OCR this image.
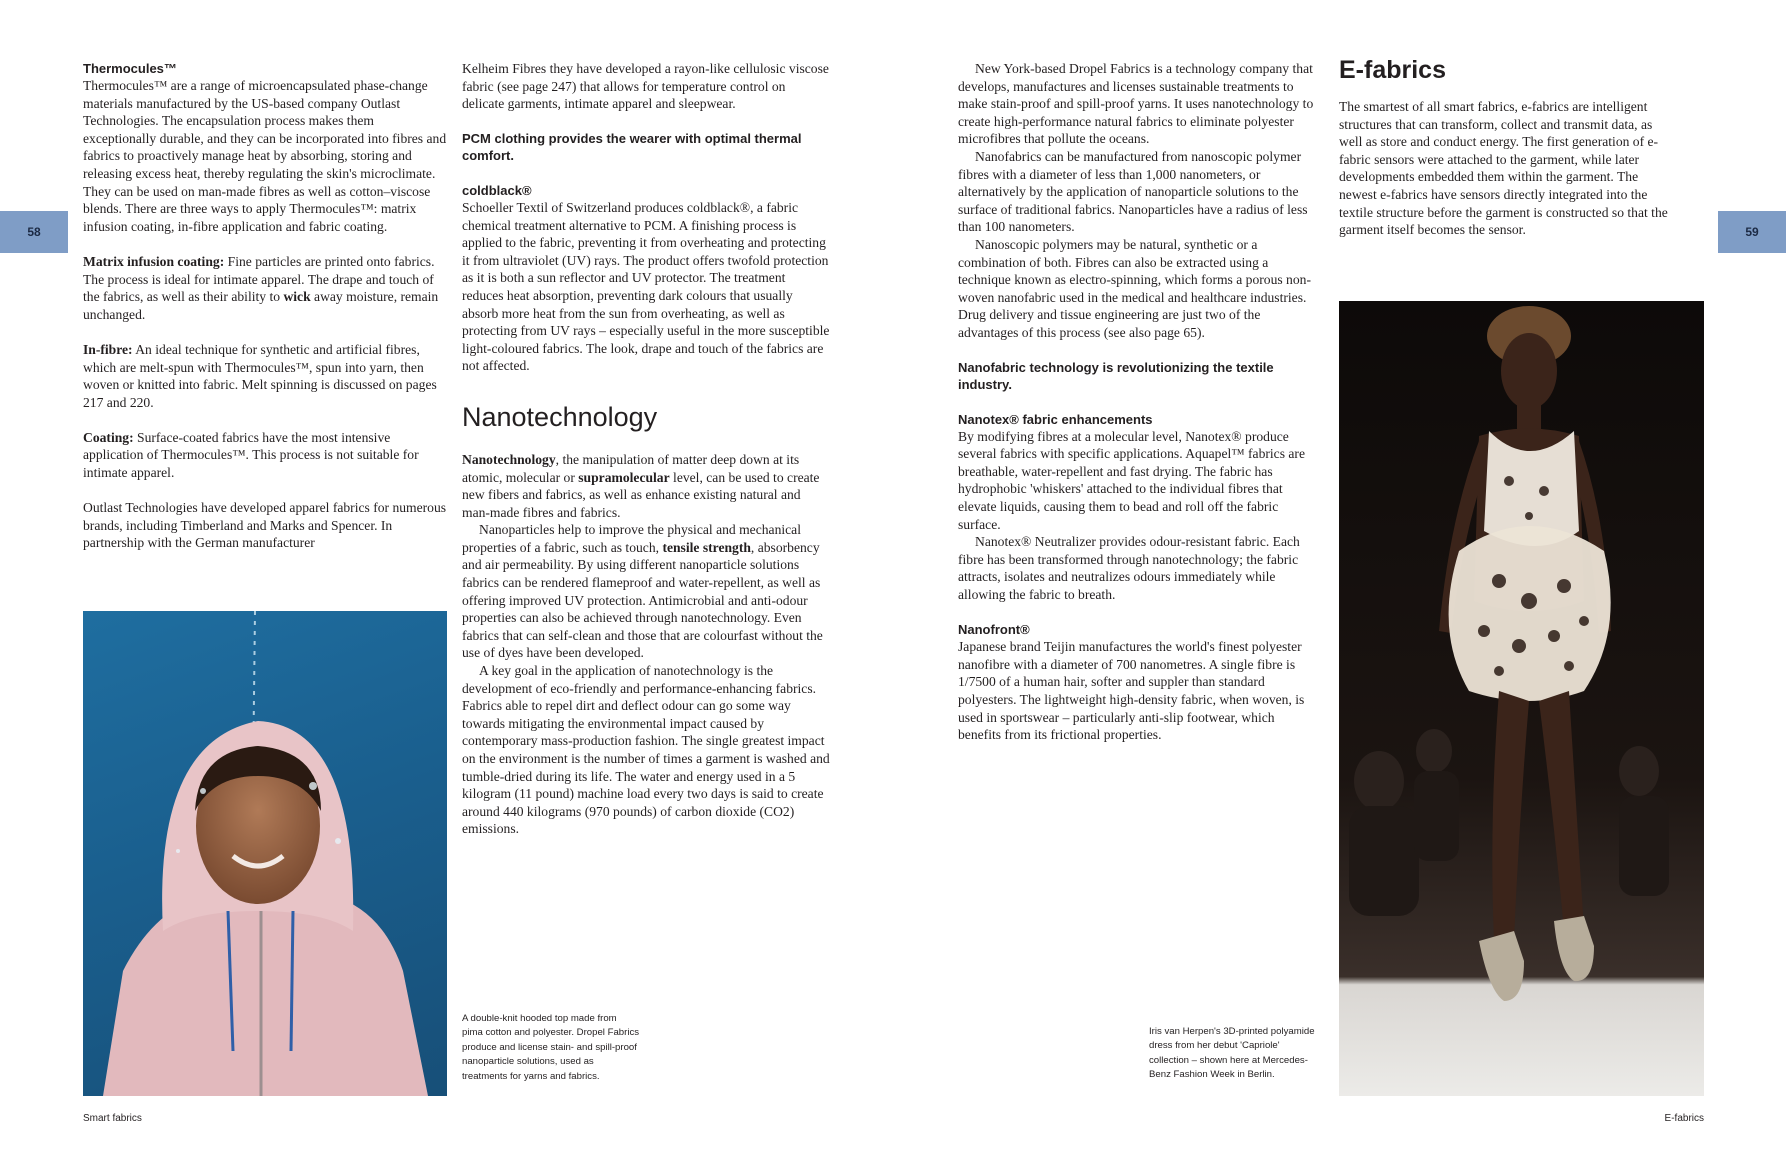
58	59
Thermocules™

Thermocules™ are a range of microencapsulated phase-change materials manufactured by the US-based company Outlast Technologies. The encapsulation process makes them exceptionally durable, and they can be incorporated into fibres and fabrics to proactively manage heat by absorbing, storing and releasing excess heat, thereby regulating the skin's microclimate. They can be used on man-made fibres as well as cotton–viscose blends. There are three ways to apply Thermocules™: matrix infusion coating, in-fibre application and fabric coating.

Matrix infusion coating: Fine particles are printed onto fabrics. The process is ideal for intimate apparel. The drape and touch of the fabrics, as well as their ability to wick away moisture, remain unchanged.

In-fibre: An ideal technique for synthetic and artificial fibres, which are melt-spun with Thermocules™, spun into yarn, then woven or knitted into fabric. Melt spinning is discussed on pages 217 and 220.

Coating: Surface-coated fabrics have the most intensive application of Thermocules™. This process is not suitable for intimate apparel.

Outlast Technologies have developed apparel fabrics for numerous brands, including Timberland and Marks and Spencer. In partnership with the German manufacturer

Kelheim Fibres they have developed a rayon-like cellulosic viscose fabric (see page 247) that allows for temperature control on delicate garments, intimate apparel and sleepwear.

PCM clothing provides the wearer with optimal thermal comfort.
coldblack®

Schoeller Textil of Switzerland produces coldblack®, a fabric chemical treatment alternative to PCM. A finishing process is applied to the fabric, preventing it from overheating and protecting it from ultraviolet (UV) rays. The product offers twofold protection as it is both a sun reflector and UV protector. The treatment reduces heat absorption, preventing dark colours that usually absorb more heat from the sun from overheating, as well as protecting from UV rays – especially useful in the more susceptible light-coloured fabrics. The look, drape and touch of the fabrics are not affected.

Nanotechnology

Nanotechnology, the manipulation of matter deep down at its atomic, molecular or supramolecular level, can be used to create new fibers and fabrics, as well as enhance existing natural and man-made fibres and fabrics.

Nanoparticles help to improve the physical and mechanical properties of a fabric, such as touch, tensile strength, absorbency and air permeability. By using different nanoparticle solutions fabrics can be rendered flameproof and water-repellent, as well as offering improved UV protection. Antimicrobial and anti-odour properties can also be achieved through nanotechnology. Even fabrics that can self-clean and those that are colourfast without the use of dyes have been developed.

A key goal in the application of nanotechnology is the development of eco-friendly and performance-enhancing fabrics. Fabrics able to repel dirt and deflect odour can go some way towards mitigating the environmental impact caused by contemporary mass-production fashion. The single greatest impact on the environment is the number of times a garment is washed and tumble-dried during its life. The water and energy used in a 5 kilogram (11 pound) machine load every two days is said to create around 440 kilograms (970 pounds) of carbon dioxide (CO2) emissions.

A double-knit hooded top made from pima cotton and polyester. Dropel Fabrics produce and license stain- and spill-proof nanoparticle solutions, used as treatments for yarns and fabrics.

New York-based Dropel Fabrics is a technology company that develops, manufactures and licenses sustainable treatments to make stain-proof and spill-proof yarns. It uses nanotechnology to create high-performance natural fabrics to eliminate polyester microfibres that pollute the oceans.

Nanofabrics can be manufactured from nanoscopic polymer fibres with a diameter of less than 1,000 nanometers, or alternatively by the application of nanoparticle solutions to the surface of traditional fabrics. Nanoparticles have a radius of less than 100 nanometers.

Nanoscopic polymers may be natural, synthetic or a combination of both. Fibres can also be extracted using a technique known as electro-spinning, which forms a porous non-woven nanofabric used in the medical and healthcare industries. Drug delivery and tissue engineering are just two of the advantages of this process (see also page 65).

Nanofabric technology is revolutionizing the textile industry.
Nanotex® fabric enhancements

By modifying fibres at a molecular level, Nanotex® produce several fabrics with specific applications. Aquapel™ fabrics are breathable, water-repellent and fast drying. The fabric has hydrophobic 'whiskers' attached to the individual fibres that elevate liquids, causing them to bead and roll off the fabric surface.

Nanotex® Neutralizer provides odour-resistant fabric. Each fibre has been transformed through nanotechnology; the fabric attracts, isolates and neutralizes odours immediately while allowing the fabric to breath.

Nanofront®

Japanese brand Teijin manufactures the world's finest polyester nanofibre with a diameter of 700 nanometres. A single fibre is 1/7500 of a human hair, softer and suppler than standard polyesters. The lightweight high-density fabric, when woven, is used in sportswear – particularly anti-slip footwear, which benefits from its frictional properties.

Iris van Herpen's 3D-printed polyamide dress from her debut 'Capriole' collection – shown here at Mercedes-Benz Fashion Week in Berlin.
E-fabrics

The smartest of all smart fabrics, e-fabrics are intelligent structures that can transform, collect and transmit data, as well as store and conduct energy. The first generation of e-fabric sensors were attached to the garment, while later developments embedded them within the garment. The newest e-fabrics have sensors directly integrated into the textile structure before the garment is constructed so that the garment itself becomes the sensor.

Smart fabrics	E-fabrics
